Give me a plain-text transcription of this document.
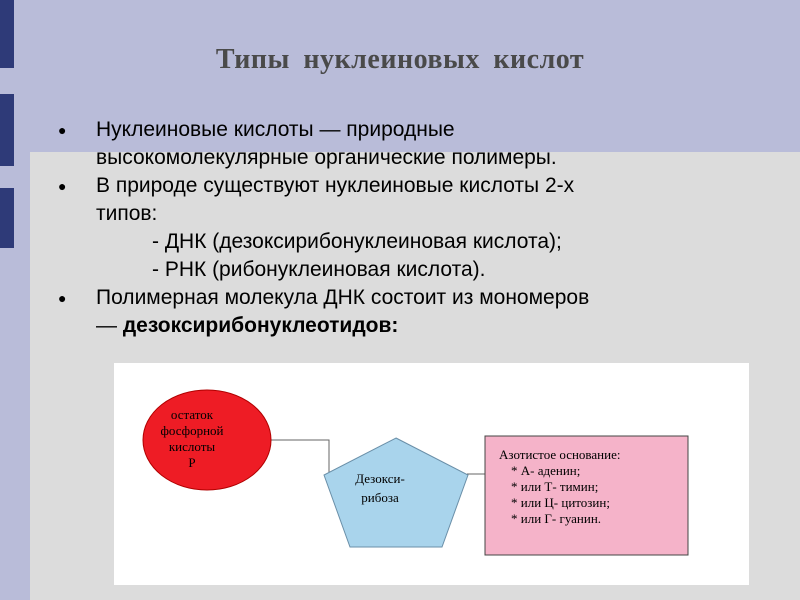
Типы нуклеиновых кислот
● Нуклеиновые кислоты — природные
высокомолекулярные органические полимеры.
● В природе существуют нуклеиновые кислоты 2-х
типов:
- ДНК (дезоксирибонуклеиновая кислота);
- РНК (рибонуклеиновая кислота).
● Полимерная молекула ДНК состоит из мономеров
— дезоксирибонуклеотидов:
остаток
фосфорной
кислоты
Р
Дезокси-
рибоза
Азотистое основание:
* А- аденин;
* или Т- тимин;
* или Ц- цитозин;
* или Г- гуанин.
